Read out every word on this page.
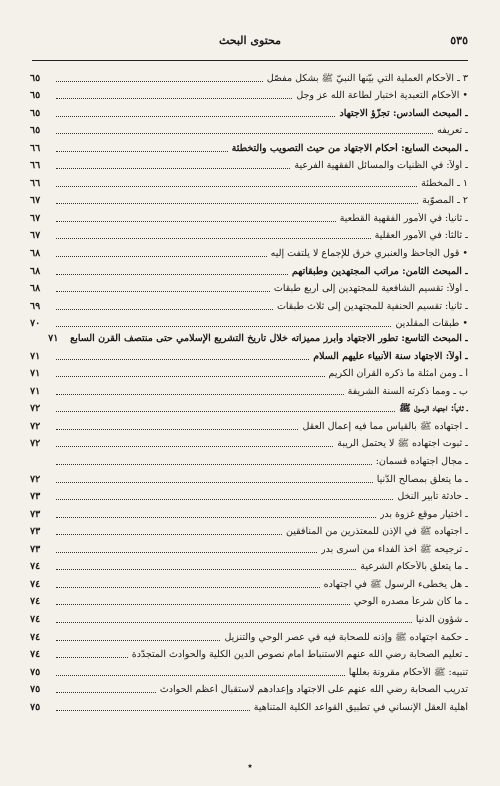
٥٣٥
محتوى البحث
٣ ـ الأحكام العملية التي بيّنها النبيّ ﷺ بشكل مفصّل
٦٥
• الأحكام التعبدية اختبار لطاعة الله عز وجل
٦٥
ـ المبحث السادس: تجزّؤ الاجتهاد
٦٥
ـ تعريفه
٦٥
ـ المبحث السابع: أحكام الاجتهاد من حيث التصويب والتخطئة
٦٦
ـ أولاً: في الظنيات والمسائل الفقهية الفرعية
٦٦
١ ـ المخطئة
٦٦
٢ ـ المصوّبة
٦٧
ـ ثانياً: في الأمور الفقهية القطعية
٦٧
ـ ثالثاً: في الأمور العقلية
٦٧
• قول الجاحظ والعنبري خرق للإجماع لا يلتفت إليه
٦٨
ـ المبحث الثامن: مراتب المجتهدين وطبقاتهم
٦٨
ـ أولاً: تقسيم الشافعية للمجتهدين إلى أربع طبقات
٦٨
ـ ثانياً: تقسيم الحنفية للمجتهدين إلى ثلاث طبقات
٦٩
• طبقات المقلّدين
٧٠
ـ المبحث التاسع: تطور الاجتهاد وأبرز مميزاته خلال تاريخ التشريع الإسلامي حتى منتصف القرن السابع
٧١
ـ أولاً: الاجتهاد سنة الأنبياء عليهم السلام
٧١
أ ـ ومن أمثلة ما ذكره القرآن الكريم
٧١
ب ـ ومما ذكرته السنة الشريفة
٧١
ـ ثانياً: اجتهاد الرسول ﷺ
٧٢
ـ اجتهاده ﷺ بالقياس مما فيه إعمال العقل
٧٢
ـ ثبوت اجتهاده ﷺ لا يحتمل الريبة
٧٢
ـ مجال اجتهاده قسمان:
ـ ما يتعلّق بمصالح الدُّنيا
٧٢
ـ حادثة تأبير النخل
٧٣
ـ اختيار موقع غزوة بدر
٧٣
ـ اجتهاده ﷺ في الإذن للمعتذرين من المنافقين
٧٣
ـ ترجيحه ﷺ أخذ الفداء من أسرى بدر
٧٣
ـ ما يتعلق بالأحكام الشرعية
٧٤
ـ هل يخطىء الرسول ﷺ في اجتهاده
٧٤
ـ ما كان شرعاً مصدره الوحي
٧٤
ـ شؤون الدنيا
٧٤
ـ حكمة اجتهاده ﷺ وإذنه للصحابة فيه في عصر الوحي والتنزيل
٧٤
ـ تعليم الصحابة رضي الله عنهم الاستنباط أمام نصوص الدين الكلية والحوادث المتجدّدة
٧٤
تنبيه: ﷺ الأحكام مقرونة بعللها
٧٥
تدريب الصحابة رضي الله عنهم على الاجتهاد وإعدادهم لاستقبال أعظم الحوادث
٧٥
أهلية العقل الإنساني في تطبيق القواعد الكلية المتناهية
٧٥
٭
